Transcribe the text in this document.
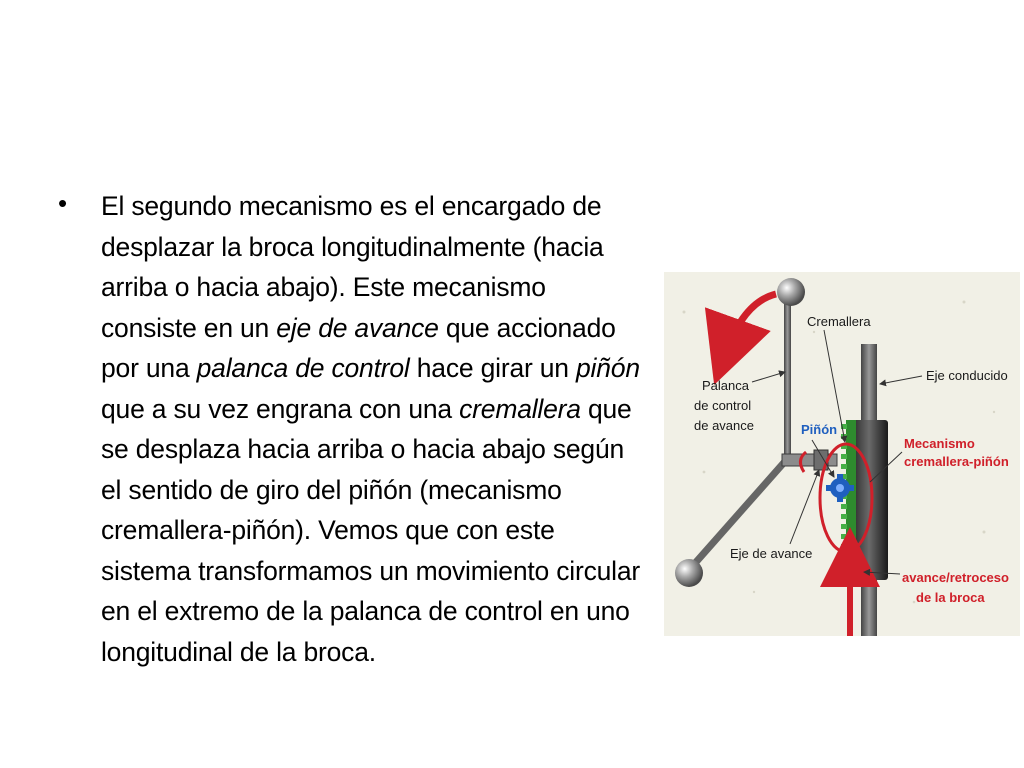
• El segundo mecanismo es el encargado de desplazar la broca longitudinalmente (hacia arriba o hacia abajo). Este mecanismo consiste en un eje de avance que accionado por una palanca de control hace girar un piñón que a su vez engrana con una cremallera que se desplaza hacia arriba o hacia abajo según el sentido de giro del piñón (mecanismo cremallera-piñón). Vemos que con este sistema transformamos un movimiento circular en el extremo de la palanca de control en uno longitudinal de la broca.

Cremallera
Eje conducido
Palanca
de control
de avance	Piñón
Mecanismo
cremallera-piñón
Eje de avance
avance/retroceso
de la broca
